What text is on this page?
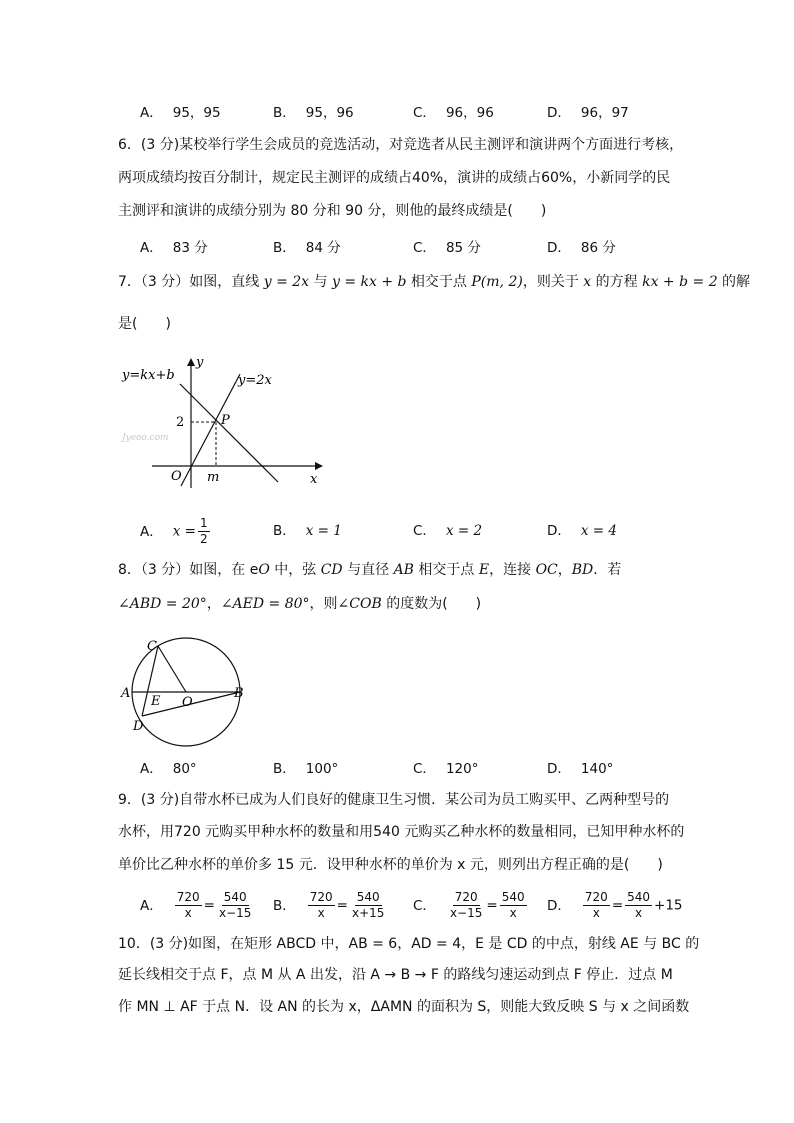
A． 95，95	B． 95，96	C． 96，96	D． 96，97
6．(3 分)某校举行学生会成员的竞选活动，对竞选者从民主测评和演讲两个方面进行考核，
两项成绩均按百分制计，规定民主测评的成绩占40%，演讲的成绩占60%，小新同学的民
主测评和演讲的成绩分别为 80 分和 90 分，则他的最终成绩是(　　)
A． 83 分	B． 84 分	C． 85 分	D． 86 分
7．（3 分）如图，直线 y = 2x 与 y = kx + b 相交于点 P(m, 2)，则关于 x 的方程 kx + b = 2 的解
是(　　)
Jyeoo.com
y=kx+b	y=2x
y
x
O
2
m
P
A． $x = \frac{1}{2}$	B． x = 1	C． x = 2	D． x = 4
8．（3 分）如图，在 eO 中，弦 CD 与直径 AB 相交于点 E，连接 OC，BD．若
∠ABD = 20°，∠AED = 80°，则∠COB 的度数为(　　)
C
A
E O
B
D
A． 80°	B． 100°	C． 120°	D． 140°
9．(3 分)自带水杯已成为人们良好的健康卫生习惯．某公司为员工购买甲、乙两种型号的
水杯，用720 元购买甲种水杯的数量和用540 元购买乙种水杯的数量相同，已知甲种水杯的
单价比乙种水杯的单价多 15 元．设甲种水杯的单价为 x 元，则列出方程正确的是(　　)
A． $\frac{720}{x} = \frac{540}{x-15}$ B． $\frac{720}{x} = \frac{540}{x+15}$ C． $\frac{720}{x-15} = \frac{540}{x}$ D． $\frac{720}{x} = \frac{540}{x} +15$
10．(3 分)如图，在矩形 ABCD 中，AB = 6，AD = 4，E 是 CD 的中点，射线 AE 与 BC 的
延长线相交于点 F，点 M 从 A 出发，沿 A → B → F 的路线匀速运动到点 F 停止．过点 M
作 MN ⊥ AF 于点 N．设 AN 的长为 x，ΔAMN 的面积为 S，则能大致反映 S 与 x 之间函数
